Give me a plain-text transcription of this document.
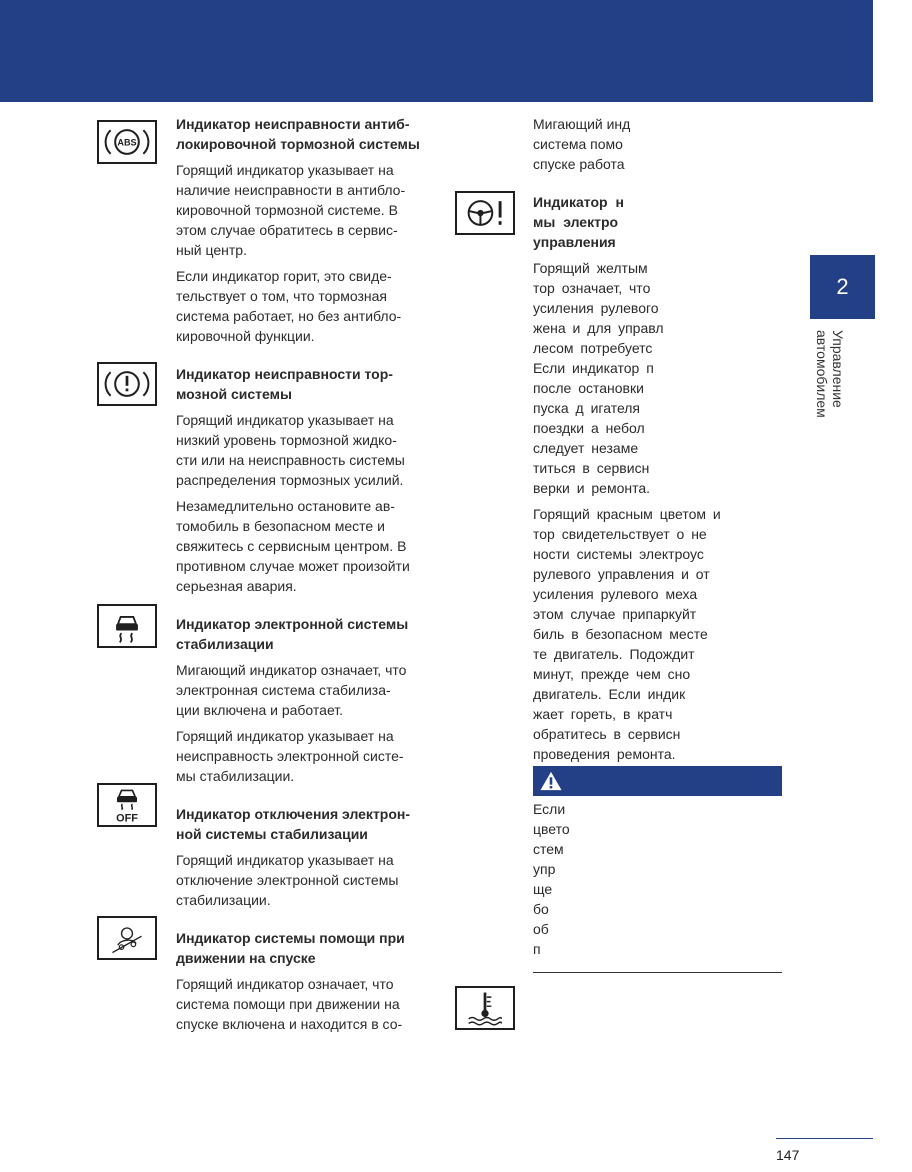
ABS
OFF

Индикатор неисправности антиб-
локировочной тормозной системы

Горящий индикатор указывает на
наличие неисправности в антибло-
кировочной тормозной системе. В
этом случае обратитесь в сервис-
ный центр.

Если индикатор горит, это свиде-
тельствует о том, что тормозная
система работает, но без антибло-
кировочной функции.

Индикатор неисправности тор-
мозной системы

Горящий индикатор указывает на
низкий уровень тормозной жидко-
сти или на неисправность системы
распределения тормозных усилий.

Незамедлительно остановите ав-
томобиль в безопасном месте и
свяжитесь с сервисным центром. В
противном случае может произойти
серьезная авария.

Индикатор электронной системы
стабилизации

Мигающий индикатор означает, что
электронная система стабилиза-
ции включена и работает.

Горящий индикатор указывает на
неисправность электронной систе-
мы стабилизации.

Индикатор отключения электрон-
ной системы стабилизации

Горящий индикатор указывает на
отключение электронной системы
стабилизации.

Индикатор системы помощи при
движении на спуске

Горящий индикатор означает, что
система помощи при движении на
спуске включена и находится в со-

Мигающий инд
система помо
спуске работа

Индикатор н
мы электро
управления

Горящий желтым
тор означает, что
усиления рулевого
жена и для управл
лесом потребуетс
Если индикатор п
после остановки
пуска д игателя
поездки а небол
следует незаме
титься в сервисн
верки и ремонта.

Горящий красным цветом и
тор свидетельствует о не
ности системы электроус
рулевого управления и от
усиления рулевого меха
этом случае припаркуйт
биль в безопасном месте
те двигатель. Подождит
минут, прежде чем сно
двигатель. Если индик
жает гореть, в кратч
обратитесь в сервисн
проведения ремонта.

Если
цвето
стем
упр
ще
бо
об
п

2
Управление
автомобилем
147
